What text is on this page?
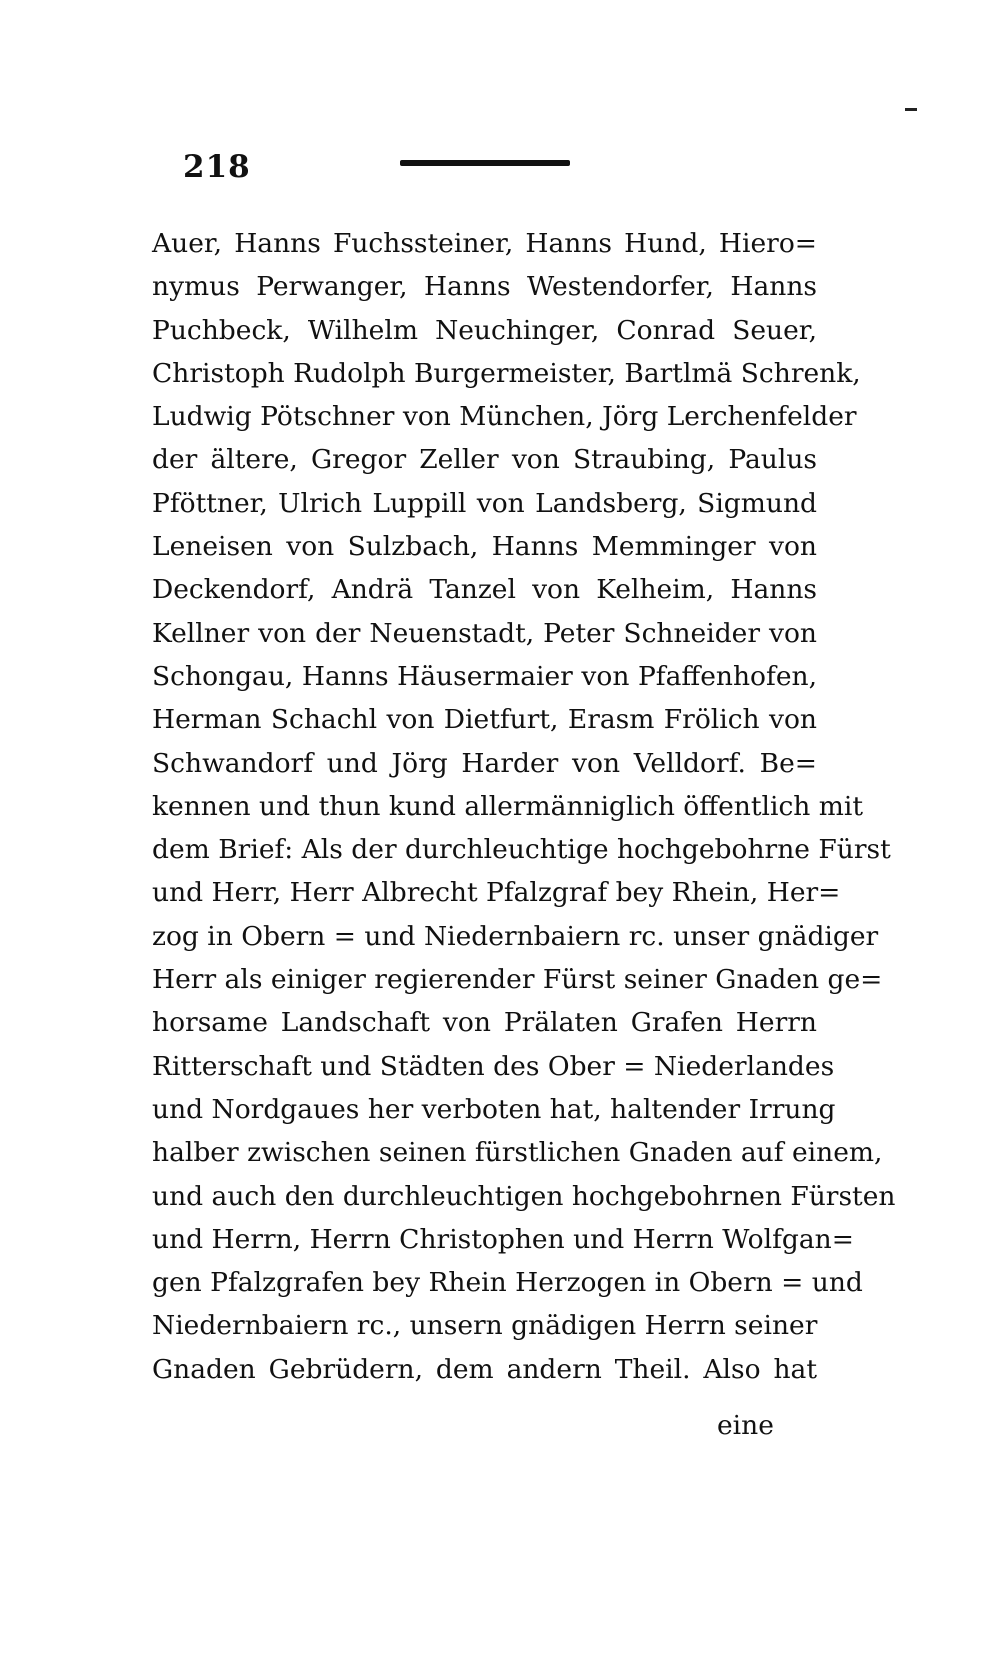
218
Auer, Hanns Fuchssteiner, Hanns Hund, Hiero=
nymus Perwanger, Hanns Westendorfer, Hanns
Puchbeck, Wilhelm Neuchinger, Conrad Seuer,
Christoph Rudolph Burgermeister, Bartlmä Schrenk,
Ludwig Pötschner von München, Jörg Lerchenfelder
der ältere, Gregor Zeller von Straubing, Paulus
Pföttner, Ulrich Luppill von Landsberg, Sigmund
Leneisen von Sulzbach, Hanns Memminger von
Deckendorf, Andrä Tanzel von Kelheim, Hanns
Kellner von der Neuenstadt, Peter Schneider von
Schongau, Hanns Häusermaier von Pfaffenhofen,
Herman Schachl von Dietfurt, Erasm Frölich von
Schwandorf und Jörg Harder von Velldorf. Be=
kennen und thun kund allermänniglich öffentlich mit
dem Brief: Als der durchleuchtige hochgebohrne Fürst
und Herr, Herr Albrecht Pfalzgraf bey Rhein, Her=
zog in Obern = und Niedernbaiern rc. unser gnädiger
Herr als einiger regierender Fürst seiner Gnaden ge=
horsame Landschaft von Prälaten Grafen Herrn
Ritterschaft und Städten des Ober = Niederlandes
und Nordgaues her verboten hat, haltender Irrung
halber zwischen seinen fürstlichen Gnaden auf einem,
und auch den durchleuchtigen hochgebohrnen Fürsten
und Herrn, Herrn Christophen und Herrn Wolfgan=
gen Pfalzgrafen bey Rhein Herzogen in Obern = und
Niedernbaiern rc., unsern gnädigen Herrn seiner
Gnaden Gebrüdern, dem andern Theil. Also hat
eine
